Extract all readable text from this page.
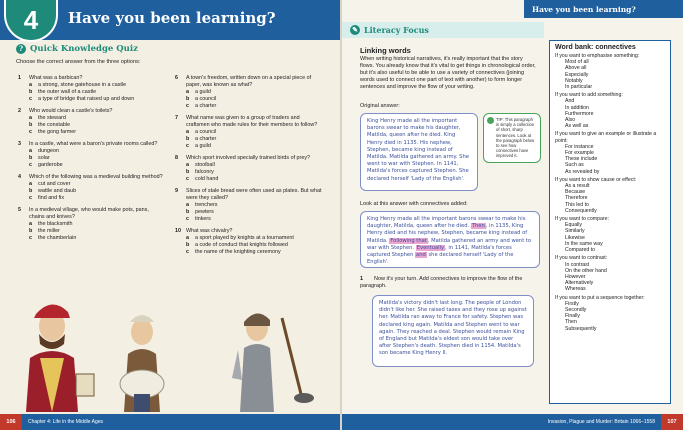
4	Have you been learning?
? Quick Knowledge Quiz
Choose the correct answer from the three options:
1 What was a barbican?
a a strong, stone gatehouse in a castle
b the outer wall of a castle
c a type of bridge that raised up and down
2 Who would clean a castle's toilets?
a the steward
b the constable
c the gong farmer
3 In a castle, what were a baron's private rooms called?
a dungeon
b solar
c garderobe
4 Which of the following was a medieval building method?
a cut and cover
b wattle and daub
c find and fix
5 In a medieval village, who would make pots, pans, chains and knives?
a the blacksmith
b the miller
c the chamberlain
6 A town's freedom, written down on a special piece of paper, was known as what?
a a guild
b a council
c a charter
7 What name was given to a group of traders and craftsmen who made rules for their members to follow?
a a council
b a charter
c a guild
8 Which sport involved specially trained birds of prey?
a stoolball
b falconry
c cold hand
9 Slices of stale bread were often used as plates. But what were they called?
a trenchers
b pewters
c tinkers
10 What was chivalry?
a a sport played by knights at a tournament
b a code of conduct that knights followed
c the name of the knighting ceremony
Have you been learning?
✎ Literacy Focus
Linking words
When writing historical narratives, it's really important that the story flows. You already know that it's vital to get things in chronological order, but it's also useful to be able to use a variety of connectives (joining words used to connect one part of text with another) to form longer sentences and improve the flow of your writing.
Original answer:
King Henry made all the important barons swear to make his daughter, Matilda, queen after he died. King Henry died in 1135. His nephew, Stephen, became king instead of Matilda. Matilda gathered an army. She went to war with Stephen. In 1141, Matilda's forces captured Stephen. She declared herself 'Lady of the English'.
TIP: This paragraph is simply a collection of short, sharp sentences. Look at the paragraph below to see how connectives have improved it.
Look at this answer with connectives added:
King Henry made all the important barons swear to make his daughter, Matilda, queen after he died. Then, in 1135, King Henry died and his nephew, Stephen, became king instead of Matilda. Following that, Matilda gathered an army and went to war with Stephen. Eventually, in 1141, Matilda's forces captured Stephen and she declared herself 'Lady of the English'.
1 Now it's your turn. Add connectives to improve the flow of the paragraph.
Matilda's victory didn't last long. The people of London didn't like her. She raised taxes and they rose up against her. Matilda ran away to France for safety. Stephen was declared king again. Matilda and Stephen went to war again. They reached a deal. Stephen would remain King of England but Matilda's eldest son would take over after Stephen's death. Stephen died in 1154. Matilda's son became King Henry II.
Word bank: connectives
If you want to emphasise something:
Most of all
Above all
Especially
Notably
In particular
If you want to add something:
And
In addition
Furthermore
Also
As well as
If you want to give an example or illustrate a point:
For instance
For example
These include
Such as
As revealed by
If you want to show cause or effect:
As a result
Because
Therefore
This led to
Consequently
If you want to compare:
Equally
Similarly
Likewise
In the same way
Compared to
If you want to contrast:
In contrast
On the other hand
However
Alternatively
Whereas
If you want to put a sequence together:
Firstly
Secondly
Finally
Then
Subsequently
106	Chapter 4: Life in the Middle Ages	Invasion, Plague and Murder: Britain 1066–1558	107
